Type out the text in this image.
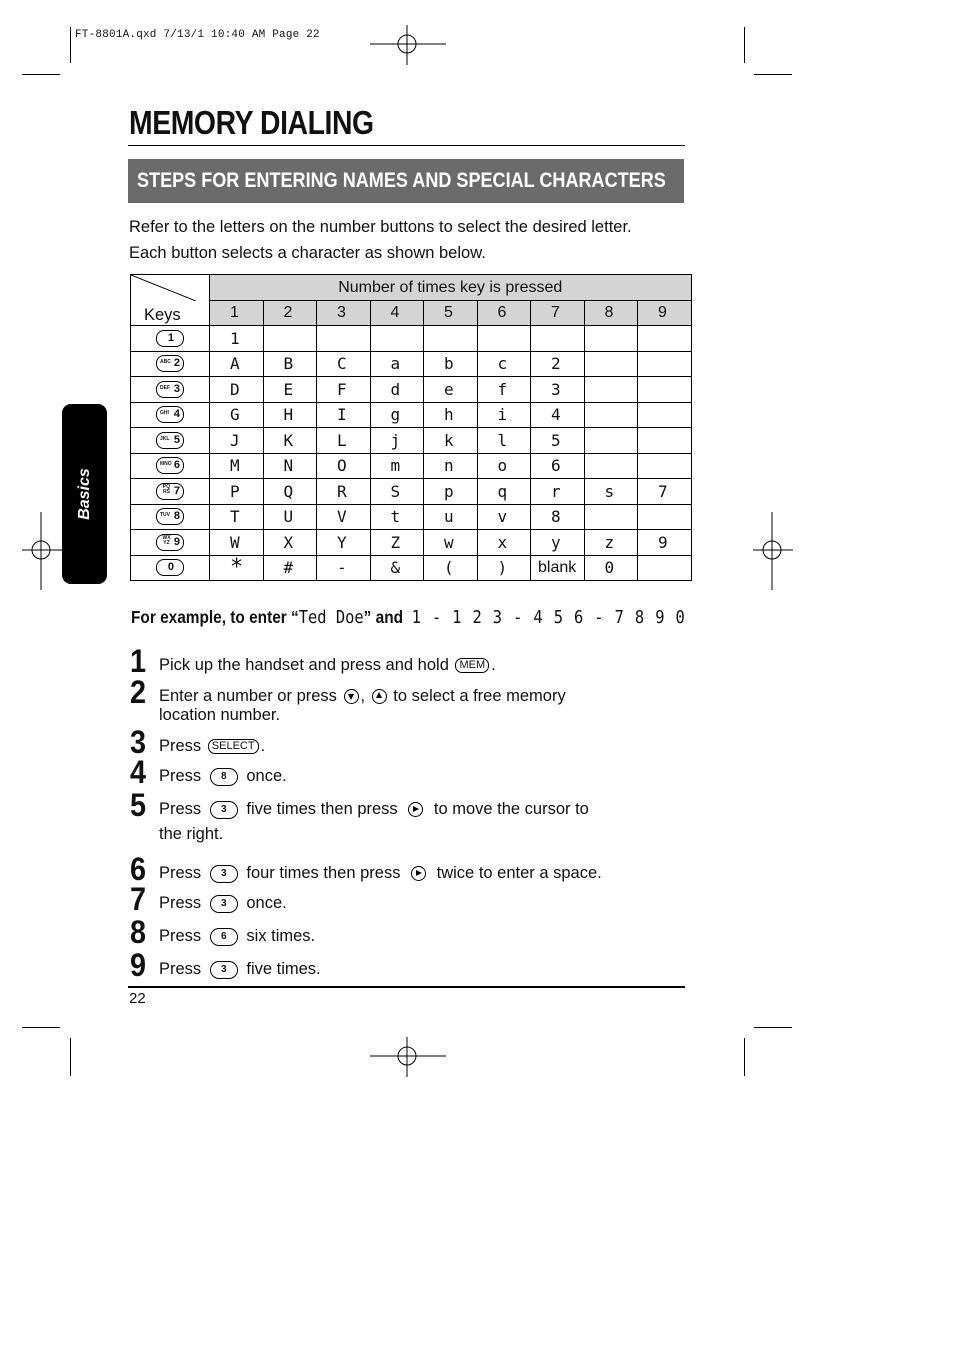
FT-8801A.qxd 7/13/1 10:40 AM Page 22
MEMORY DIALING
STEPS FOR ENTERING NAMES AND SPECIAL CHARACTERS
Refer to the letters on the number buttons to select the desired letter.
Each button selects a character as shown below.
Basics
Keys	Number of times key is pressed								
	1	2	3	4	5	6	7	8	9

1	1								

ABC 2	A	B	C	a	b	c	2		

DEF 3	D	E	F	d	e	f	3		

GHI 4	G	H	I	g	h	i	4		

JKL 5	J	K	L	j	k	l	5		

MNO 6	M	N	O	m	n	o	6		

PQRS 7	P	Q	R	S	p	q	r	s	7

TUV 8	T	U	V	t	u	v	8		

WXYZ 9	W	X	Y	Z	w	x	y	z	9

0	*	#	-	&	(	)	blank	0	
For example, to enter “Ted Doe” and  1 - 1 2 3 - 4 5 6 - 7 8 9 0
1 Pick up the handset and press and hold MEM .
2 Enter a number or press , to select a free memory
location number.
3 Press SELECT .
4 Press 8 once.
5 Press 3 five times then press to move the cursor to
the right.
6 Press 3 four times then press twice to enter a space.
7 Press 3 once.
8 Press 6 six times.
9 Press 3 five times.
22
